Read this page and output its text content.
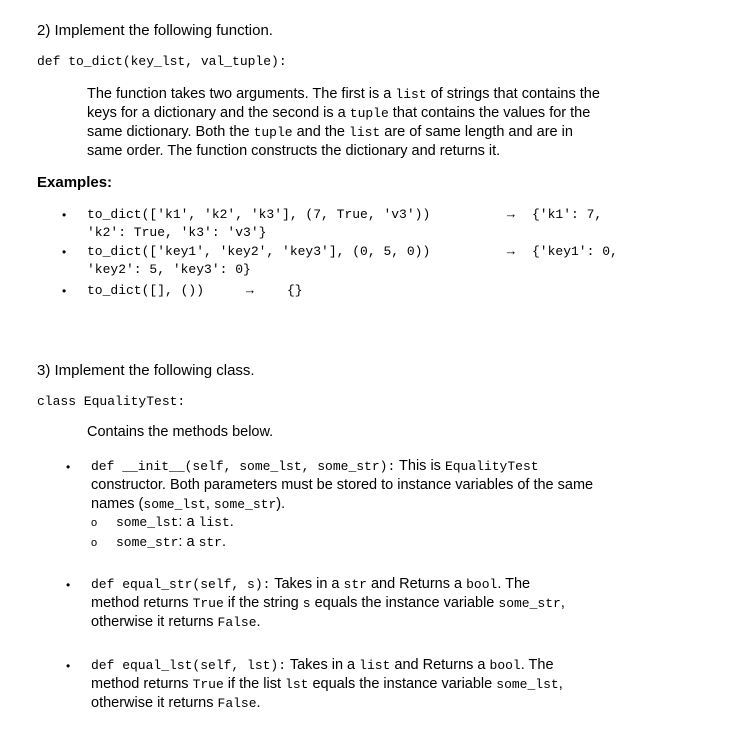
2) Implement the following function.
def to_dict(key_lst, val_tuple):
The function takes two arguments. The first is a list of strings that contains the
keys for a dictionary and the second is a tuple that contains the values for the
same dictionary. Both the tuple and the list are of same length and are in
same order. The function constructs the dictionary and returns it.
Examples:
• to_dict(['k1', 'k2', 'k3'], (7, True, 'v3'))	→ {'k1': 7,
'k2': True, 'k3': 'v3'}
• to_dict(['key1', 'key2', 'key3'], (0, 5, 0))	→ {'key1': 0,
'key2': 5, 'key3': 0}
• to_dict([], ())	→	{}
3) Implement the following class.
class EqualityTest:
Contains the methods below.
• def __init__(self, some_lst, some_str): This is EqualityTest
constructor. Both parameters must be stored to instance variables of the same
names (some_lst, some_str).
o some_lst: a list.
o some_str: a str.
• def equal_str(self, s): Takes in a str and Returns a bool. The
method returns True if the string s equals the instance variable some_str,
otherwise it returns False.
• def equal_lst(self, lst): Takes in a list and Returns a bool. The
method returns True if the list lst equals the instance variable some_lst,
otherwise it returns False.
